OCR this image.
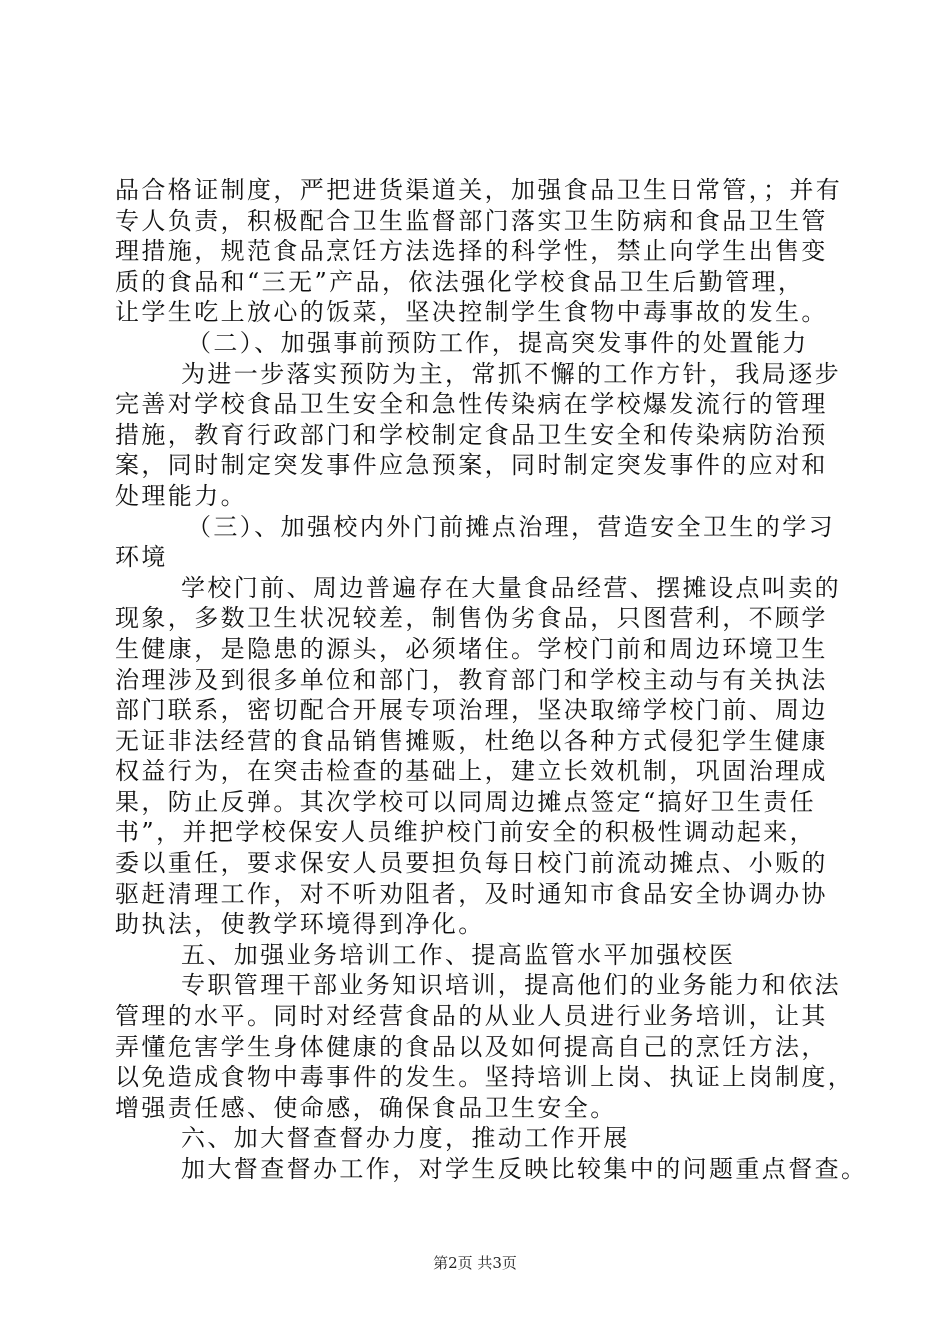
品合格证制度，严把进货渠道关，加强食品卫生日常管，；并有

专人负责，积极配合卫生监督部门落实卫生防病和食品卫生管

理措施，规范食品烹饪方法选择的科学性，禁止向学生出售变

质的食品和“三无”产品，依法强化学校食品卫生后勤管理，

让学生吃上放心的饭菜，坚决控制学生食物中毒事故的发生。

（二）、加强事前预防工作，提高突发事件的处置能力

为进一步落实预防为主，常抓不懈的工作方针，我局逐步

完善对学校食品卫生安全和急性传染病在学校爆发流行的管理

措施，教育行政部门和学校制定食品卫生安全和传染病防治预

案，同时制定突发事件应急预案，同时制定突发事件的应对和

处理能力。

（三）、加强校内外门前摊点治理，营造安全卫生的学习

环境

学校门前、周边普遍存在大量食品经营、摆摊设点叫卖的

现象，多数卫生状况较差，制售伪劣食品，只图营利，不顾学

生健康，是隐患的源头，必须堵住。学校门前和周边环境卫生

治理涉及到很多单位和部门，教育部门和学校主动与有关执法

部门联系，密切配合开展专项治理，坚决取缔学校门前、周边

无证非法经营的食品销售摊贩，杜绝以各种方式侵犯学生健康

权益行为，在突击检查的基础上，建立长效机制，巩固治理成

果，防止反弹。其次学校可以同周边摊点签定“搞好卫生责任

书”，并把学校保安人员维护校门前安全的积极性调动起来，

委以重任，要求保安人员要担负每日校门前流动摊点、小贩的

驱赶清理工作，对不听劝阻者，及时通知市食品安全协调办协

助执法，使教学环境得到净化。

五、加强业务培训工作、提高监管水平加强校医

专职管理干部业务知识培训，提高他们的业务能力和依法

管理的水平。同时对经营食品的从业人员进行业务培训，让其

弄懂危害学生身体健康的食品以及如何提高自己的烹饪方法，

以免造成食物中毒事件的发生。坚持培训上岗、执证上岗制度，

增强责任感、使命感，确保食品卫生安全。

六、加大督查督办力度，推动工作开展

加大督查督办工作，对学生反映比较集中的问题重点督查。

第2页 共3页
